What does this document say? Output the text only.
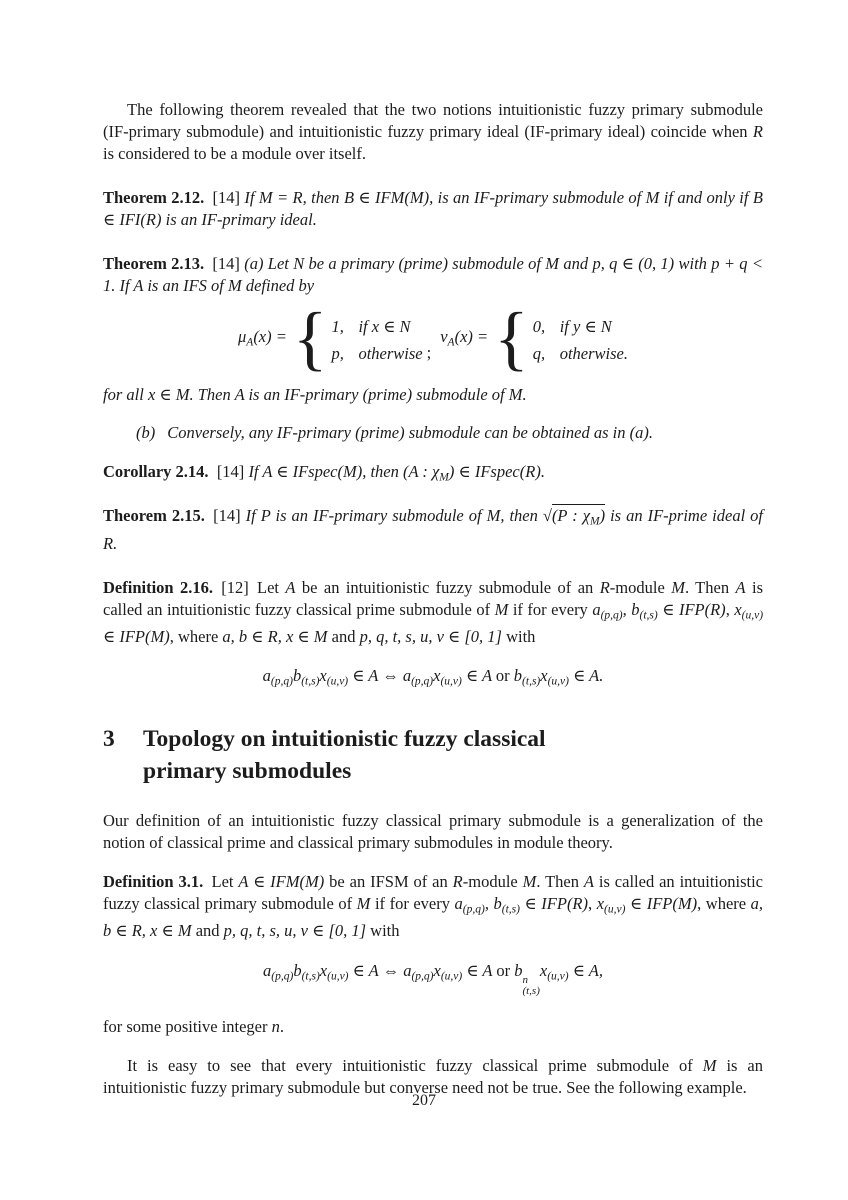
The following theorem revealed that the two notions intuitionistic fuzzy primary submodule (IF-primary submodule) and intuitionistic fuzzy primary ideal (IF-primary ideal) coincide when R is considered to be a module over itself.

Theorem 2.12. [14] If M = R, then B ∈ IFM(M), is an IF-primary submodule of M if and only if B ∈ IFI(R) is an IF-primary ideal.

Theorem 2.13. [14] (a) Let N be a primary (prime) submodule of M and p, q ∈ (0, 1) with p + q < 1. If A is an IFS of M defined by

$\mu_A(x)$ = { 1, if x ∈ N
p, otherwise ;
$\nu_A(x)$ = { 0, if y ∈ N
q, otherwise.

for all x ∈ M. Then A is an IF-primary (prime) submodule of M.

(b) Conversely, any IF-primary (prime) submodule can be obtained as in (a).

Corollary 2.14. [14] If A ∈ IFspec(M), then (A : $\chi_M$) ∈ IFspec(R).

Theorem 2.15. [14] If P is an IF-primary submodule of M, then √(P : $\chi_M$) is an IF-prime ideal of R.

Definition 2.16. [12] Let A be an intuitionistic fuzzy submodule of an R-module M. Then A is called an intuitionistic fuzzy classical prime submodule of M if for every $a_{(p,q)}$, $b_{(t,s)}$ ∈ IFP(R), $x_{(u,v)}$ ∈ IFP(M), where a, b ∈ R, x ∈ M and p, q, t, s, u, v ∈ [0, 1] with

$a_{(p,q)}b_{(t,s)}x_{(u,v)}$ ∈ A ⇔ $a_{(p,q)}x_{(u,v)}$ ∈ A or $b_{(t,s)}x_{(u,v)}$ ∈ A.
3	Topology on intuitionistic fuzzy classical
primary submodules

Our definition of an intuitionistic fuzzy classical primary submodule is a generalization of the notion of classical prime and classical primary submodules in module theory.

Definition 3.1. Let A ∈ IFM(M) be an IFSM of an R-module M. Then A is called an intuitionistic fuzzy classical primary submodule of M if for every $a_{(p,q)}$, $b_{(t,s)}$ ∈ IFP(R), $x_{(u,v)}$ ∈ IFP(M), where a, b ∈ R, x ∈ M and p, q, t, s, u, v ∈ [0, 1] with

$a_{(p,q)}b_{(t,s)}x_{(u,v)}$ ∈ A ⇔ $a_{(p,q)}x_{(u,v)}$ ∈ A or b n
(t,s)
$x_{(u,v)}$ ∈ A,

for some positive integer n.

It is easy to see that every intuitionistic fuzzy classical prime submodule of M is an intuitionistic fuzzy primary submodule but converse need not be true. See the following example.

207
